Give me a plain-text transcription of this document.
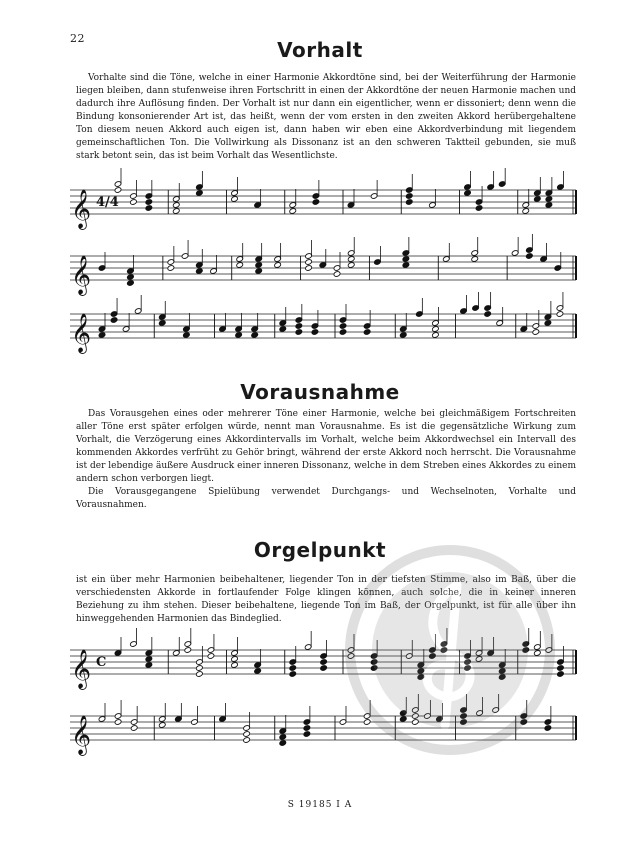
22	Vorhalt

Vorhalte sind die Töne, welche in einer Harmonie Akkordtöne sind, bei der Weiterführung der Harmonie liegen bleiben, dann stufenweise ihren Fortschritt in einen der Akkordtöne der neuen Harmonie machen und dadurch ihre Auflösung finden. Der Vorhalt ist nur dann ein eigentlicher, wenn er dissoniert; denn wenn die Bindung konsonierender Art ist, das heißt, wenn der vom ersten in den zweiten Akkord herübergehaltene Ton diesem neuen Akkord auch eigen ist, dann haben wir eben eine Akkordverbindung mit liegendem gemeinschaftlichen Ton. Die Vollwirkung als Dissonanz ist an den schweren Taktteil gebunden, sie muß stark betont sein, das ist beim Vorhalt das Wesentlichste.

𝄞 4/4
𝄞
𝄞
Vorausnahme

Das Vorausgehen eines oder mehrerer Töne einer Harmonie, welche bei gleichmäßigem Fortschreiten aller Töne erst später erfolgen würde, nennt man Vorausnahme. Es ist die gegensätzliche Wirkung zum Vorhalt, die Verzögerung eines Akkordintervalls im Vorhalt, welche beim Akkordwechsel ein Intervall des kommenden Akkordes verfrüht zu Gehör bringt, während der erste Akkord noch herrscht. Die Vorausnahme ist der lebendige äußere Ausdruck einer inneren Dissonanz, welche in dem Streben eines Akkordes zu einem andern schon verborgen liegt.

Die Vorausgegangene Spielübung verwendet Durchgangs- und Wechselnoten, Vorhalte und Vorausnahmen.

Orgelpunkt

ist ein über mehr Harmonien beibehaltener, liegender Ton in der tiefsten Stimme, also im Baß, über die verschiedensten Akkorde in fortlaufender Folge klingen können, auch solche, die in keiner inneren Beziehung zu ihm stehen. Dieser beibehaltene, liegende Ton im Baß, der Orgelpunkt, ist für alle über ihn hinweggehenden Harmonien das Bindeglied.

𝄞 C
𝄞
S 19185 I A
